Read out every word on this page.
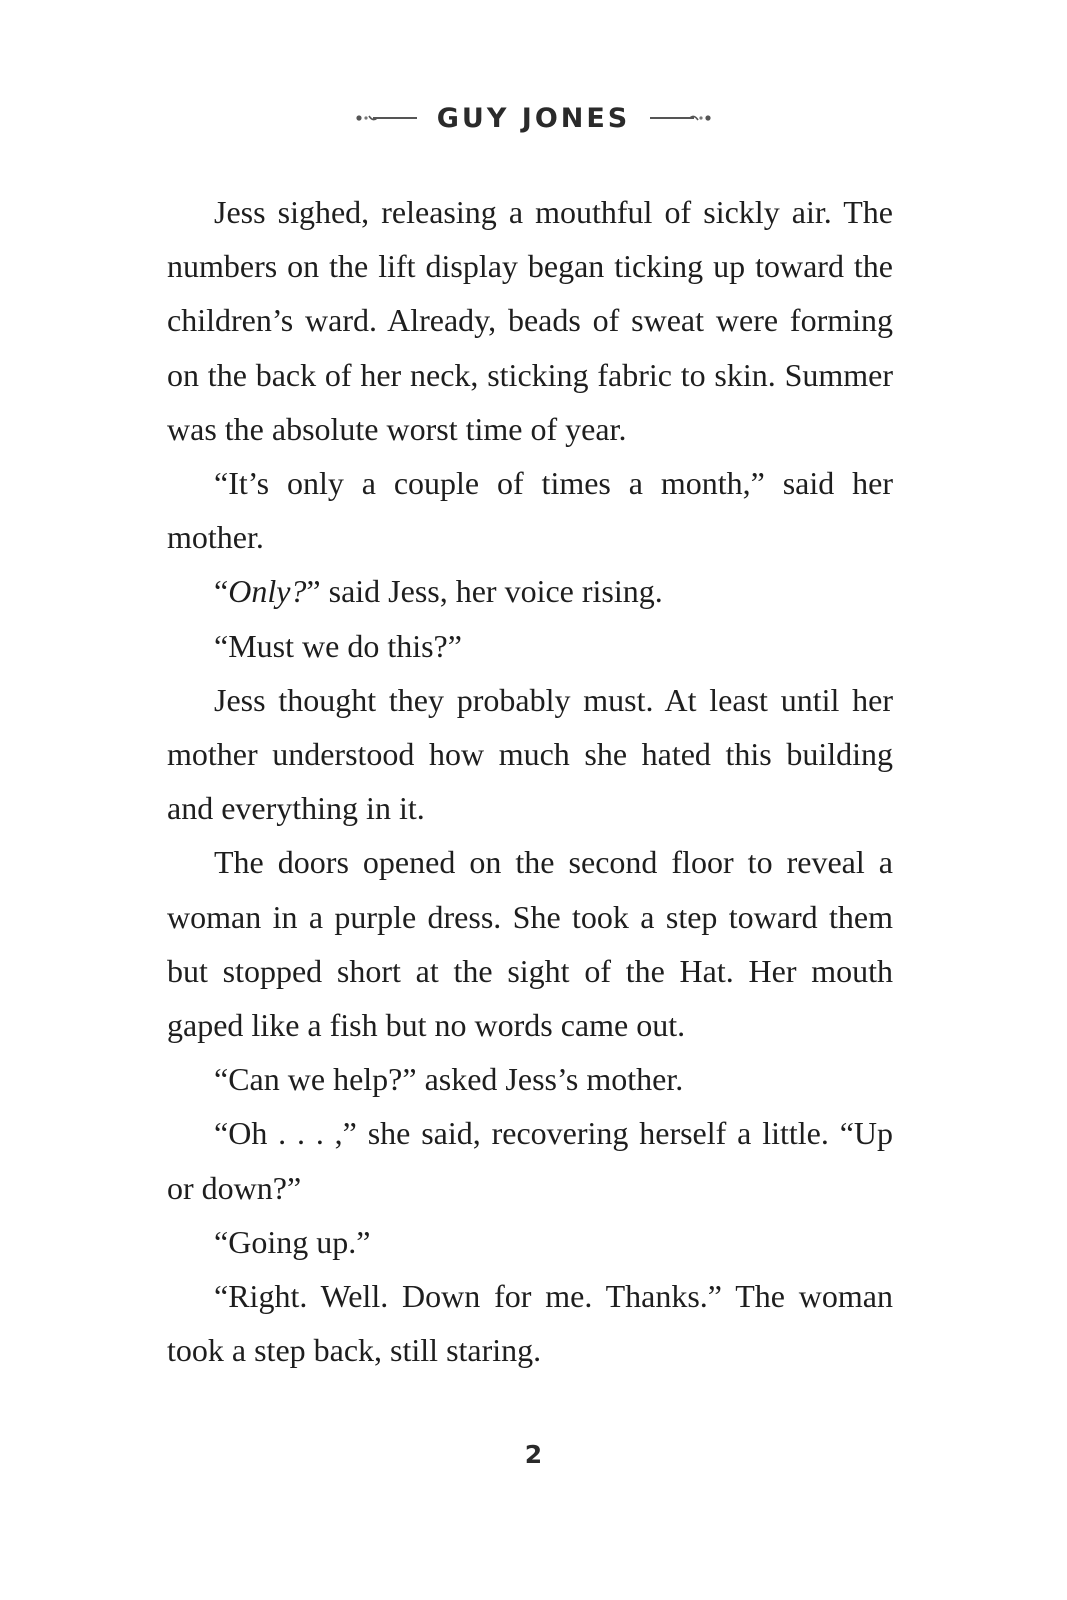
GUY JONES

Jess sighed, releasing a mouthful of sickly air. The numbers on the lift display began ticking up toward the children’s ward. Already, beads of sweat were forming on the back of her neck, sticking fabric to skin. Summer was the absolute worst time of year.

“It’s only a couple of times a month,” said her mother.

“Only?” said Jess, her voice rising.

“Must we do this?”

Jess thought they probably must. At least until her mother understood how much she hated this building and everything in it.

The doors opened on the second floor to reveal a woman in a purple dress. She took a step toward them but stopped short at the sight of the Hat. Her mouth gaped like a fish but no words came out.

“Can we help?” asked Jess’s mother.

“Oh . . . ,” she said, recovering herself a little. “Up or down?”

“Going up.”

“Right. Well. Down for me. Thanks.” The woman took a step back, still staring.

2
